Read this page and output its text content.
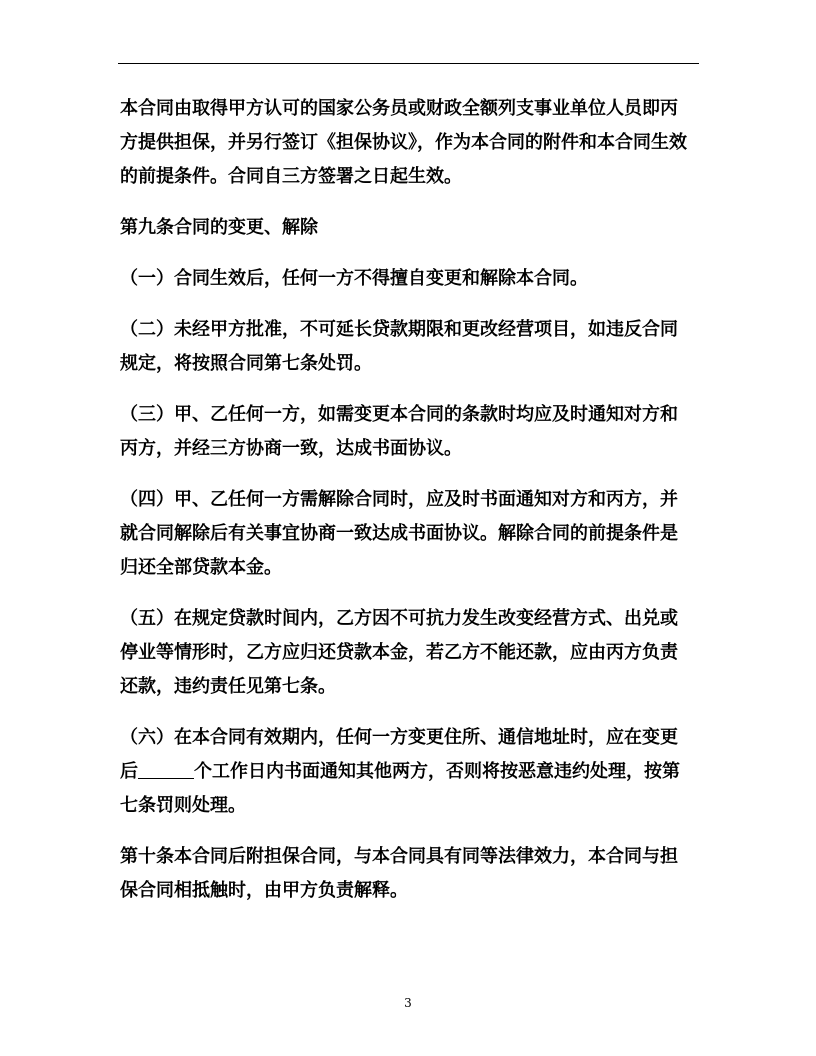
本合同由取得甲方认可的国家公务员或财政全额列支事业单位人员即丙方提供担保，并另行签订《担保协议》，作为本合同的附件和本合同生效的前提条件。合同自三方签署之日起生效。

第九条合同的变更、解除

（一）合同生效后，任何一方不得擅自变更和解除本合同。

（二）未经甲方批准，不可延长贷款期限和更改经营项目，如违反合同规定，将按照合同第七条处罚。

（三）甲、乙任何一方，如需变更本合同的条款时均应及时通知对方和丙方，并经三方协商一致，达成书面协议。

（四）甲、乙任何一方需解除合同时，应及时书面通知对方和丙方，并就合同解除后有关事宜协商一致达成书面协议。解除合同的前提条件是归还全部贷款本金。

（五）在规定贷款时间内，乙方因不可抗力发生改变经营方式、出兑或停业等情形时，乙方应归还贷款本金，若乙方不能还款，应由丙方负责还款，违约责任见第七条。

（六）在本合同有效期内，任何一方变更住所、通信地址时，应在变更后	个工作日内书面通知其他两方，否则将按恶意违约处理，按第七条罚则处理。

第十条本合同后附担保合同，与本合同具有同等法律效力，本合同与担保合同相抵触时，由甲方负责解释。

3
